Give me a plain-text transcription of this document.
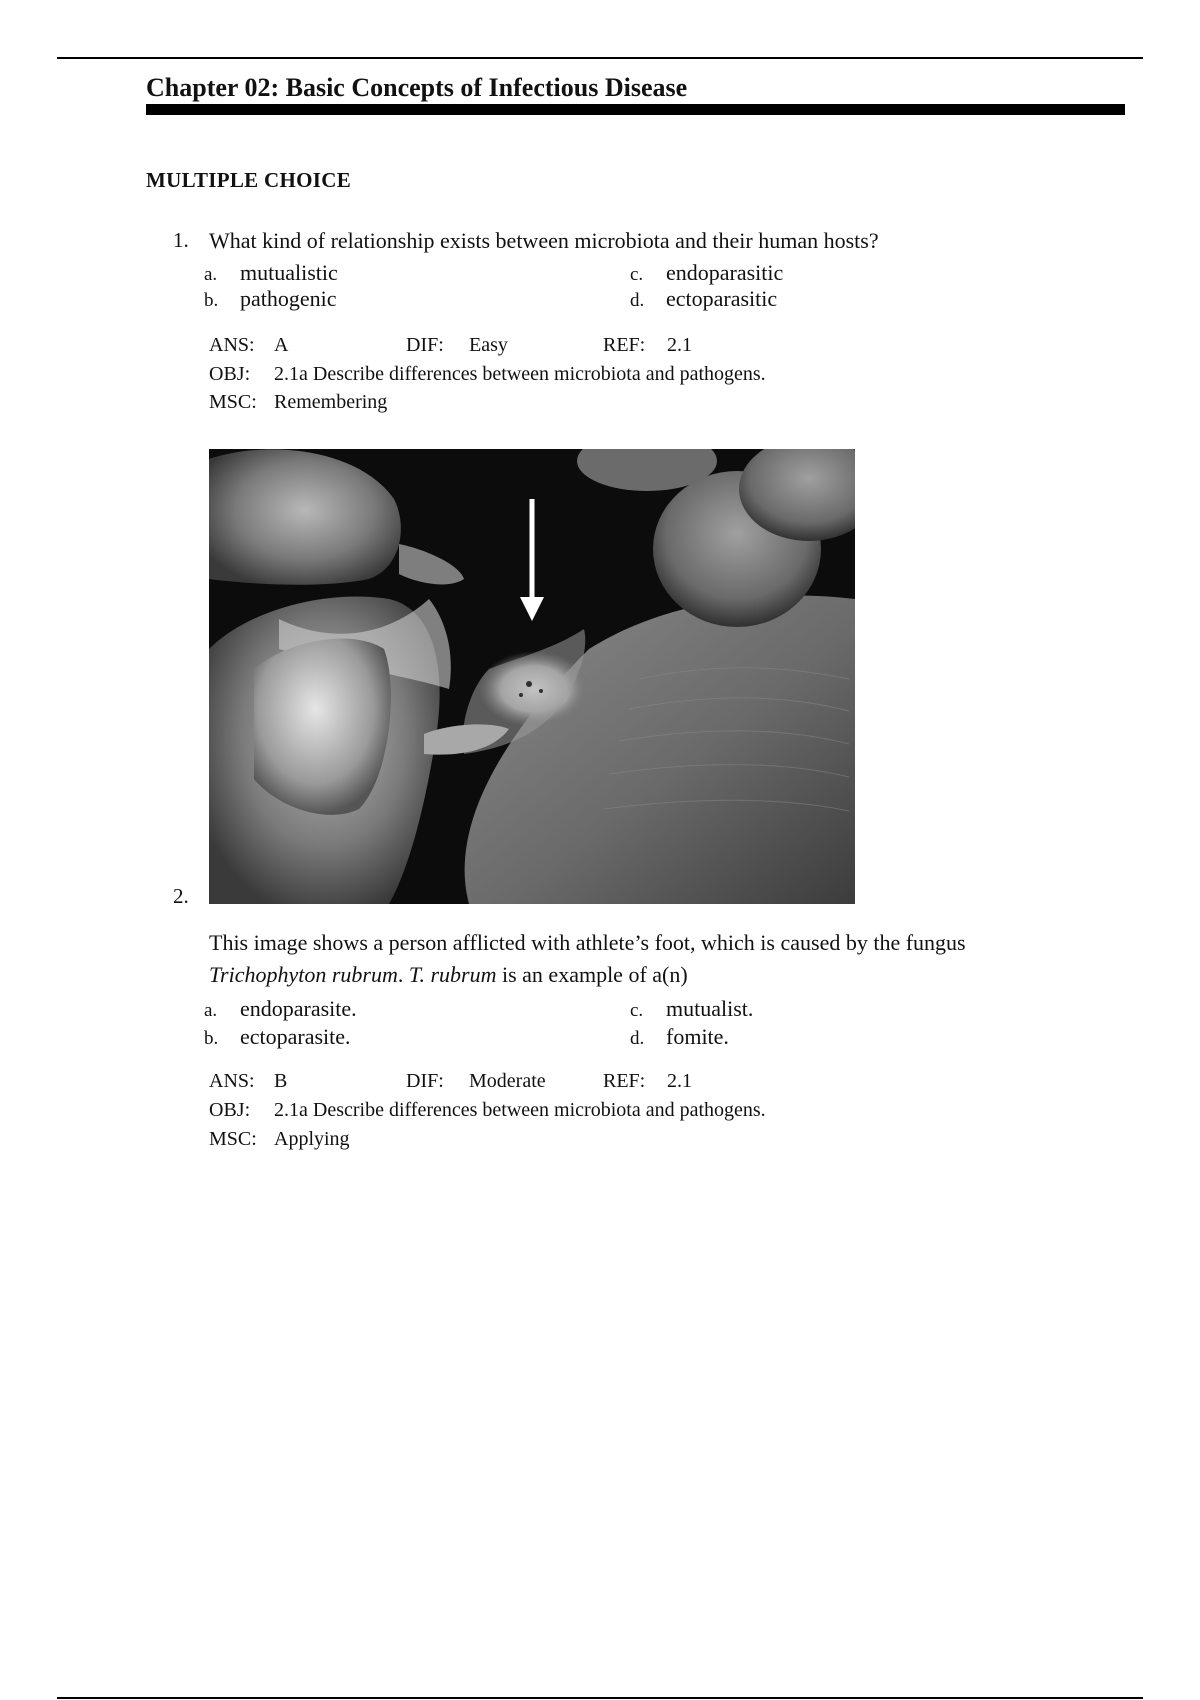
Chapter 02: Basic Concepts of Infectious Disease
MULTIPLE CHOICE
1. What kind of relationship exists between microbiota and their human hosts?
a. mutualistic
b. pathogenic
c. endoparasitic
d. ectoparasitic
ANS: A	DIF: Easy	REF: 2.1
OBJ: 2.1a Describe differences between microbiota and pathogens.
MSC: Remembering
2.
This image shows a person afflicted with athlete’s foot, which is caused by the fungus
Trichophyton rubrum. T. rubrum is an example of a(n)
a. endoparasite.
b. ectoparasite.
c. mutualist.
d. fomite.
ANS: B	DIF: Moderate	REF: 2.1
OBJ: 2.1a Describe differences between microbiota and pathogens.
MSC: Applying
